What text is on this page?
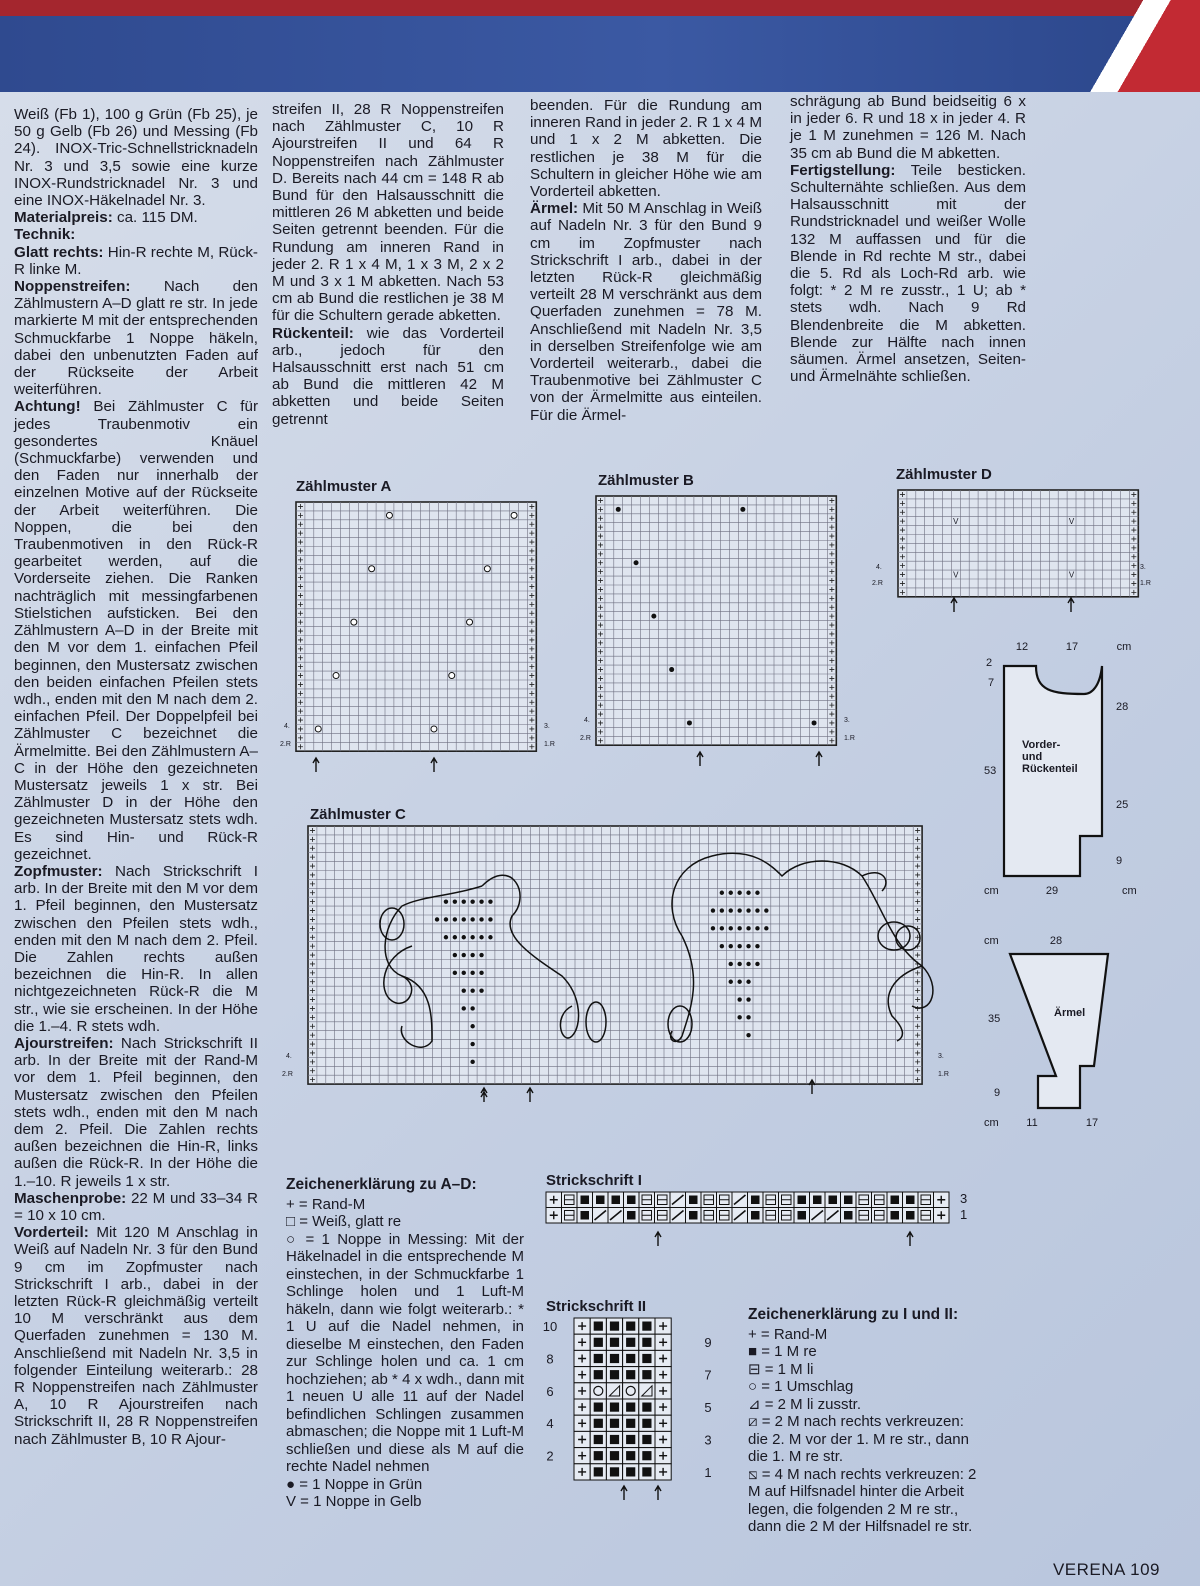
Weiß (Fb 1), 100 g Grün (Fb 25), je 50 g Gelb (Fb 26) und Messing (Fb 24). INOX-Tric-Schnellstricknadeln Nr. 3 und 3,5 sowie eine kurze INOX-Rundstricknadel Nr. 3 und eine INOX-Häkelnadel Nr. 3.

Materialpreis: ca. 115 DM.

Technik:

Glatt rechts: Hin-R rechte M, Rück-R linke M.

Noppenstreifen: Nach den Zählmustern A–D glatt re str. In jede markierte M mit der entsprechenden Schmuckfarbe 1 Noppe häkeln, dabei den unbenutzten Faden auf der Rückseite der Arbeit weiterführen.

Achtung! Bei Zählmuster C für jedes Traubenmotiv ein gesondertes Knäuel (Schmuckfarbe) verwenden und den Faden nur innerhalb der einzelnen Motive auf der Rückseite der Arbeit weiterführen. Die Noppen, die bei den Traubenmotiven in den Rück-R gearbeitet werden, auf die Vorderseite ziehen. Die Ranken nachträglich mit messingfarbenen Stielstichen aufsticken. Bei den Zählmustern A–D in der Breite mit den M vor dem 1. einfachen Pfeil beginnen, den Mustersatz zwischen den beiden einfachen Pfeilen stets wdh., enden mit den M nach dem 2. einfachen Pfeil. Der Doppelpfeil bei Zählmuster C bezeichnet die Ärmelmitte. Bei den Zählmustern A–C in der Höhe den gezeichneten Mustersatz jeweils 1 x str. Bei Zählmuster D in der Höhe den gezeichneten Mustersatz stets wdh. Es sind Hin- und Rück-R gezeichnet.

Zopfmuster: Nach Strickschrift I arb. In der Breite mit den M vor dem 1. Pfeil beginnen, den Mustersatz zwischen den Pfeilen stets wdh., enden mit den M nach dem 2. Pfeil. Die Zahlen rechts außen bezeichnen die Hin-R. In allen nichtgezeichneten Rück-R die M str., wie sie erscheinen. In der Höhe die 1.–4. R stets wdh.

Ajourstreifen: Nach Strickschrift II arb. In der Breite mit der Rand-M vor dem 1. Pfeil beginnen, den Mustersatz zwischen den Pfeilen stets wdh., enden mit den M nach dem 2. Pfeil. Die Zahlen rechts außen bezeichnen die Hin-R, links außen die Rück-R. In der Höhe die 1.–10. R jeweils 1 x str.

Maschenprobe: 22 M und 33–34 R = 10 x 10 cm.

Vorderteil: Mit 120 M Anschlag in Weiß auf Nadeln Nr. 3 für den Bund 9 cm im Zopfmuster nach Strickschrift I arb., dabei in der letzten Rück-R gleichmäßig verteilt 10 M verschränkt aus dem Querfaden zunehmen = 130 M. Anschließend mit Nadeln Nr. 3,5 in folgender Einteilung weiterarb.: 28 R Noppenstreifen nach Zählmuster A, 10 R Ajourstreifen nach Strickschrift II, 28 R Noppenstreifen nach Zählmuster B, 10 R Ajour-

streifen II, 28 R Noppenstreifen nach Zählmuster C, 10 R Ajourstreifen II und 64 R Noppenstreifen nach Zählmuster D. Bereits nach 44 cm = 148 R ab Bund für den Halsausschnitt die mittleren 26 M abketten und beide Seiten getrennt beenden. Für die Rundung am inneren Rand in jeder 2. R 1 x 4 M, 1 x 3 M, 2 x 2 M und 3 x 1 M abketten. Nach 53 cm ab Bund die restlichen je 38 M für die Schultern gerade abketten.

Rückenteil: wie das Vorderteil arb., jedoch für den Halsausschnitt erst nach 51 cm ab Bund die mittleren 42 M abketten und beide Seiten getrennt

beenden. Für die Rundung am inneren Rand in jeder 2. R 1 x 4 M und 1 x 2 M abketten. Die restlichen je 38 M für die Schultern in gleicher Höhe wie am Vorderteil abketten.

Ärmel: Mit 50 M Anschlag in Weiß auf Nadeln Nr. 3 für den Bund 9 cm im Zopfmuster nach Strickschrift I arb., dabei in der letzten Rück-R gleichmäßig verteilt 28 M verschränkt aus dem Querfaden zunehmen = 78 M. Anschließend mit Nadeln Nr. 3,5 in derselben Streifenfolge wie am Vorderteil weiterarb., dabei die Traubenmotive bei Zählmuster C von der Ärmelmitte aus einteilen. Für die Ärmel-

schrägung ab Bund beidseitig 6 x in jeder 6. R und 18 x in jeder 4. R je 1 M zunehmen = 126 M. Nach 35 cm ab Bund die M abketten.

Fertigstellung: Teile besticken. Schulternähte schließen. Aus dem Halsausschnitt mit der Rundstricknadel und weißer Wolle 132 M auffassen und für die Blende in Rd rechte M str., dabei die 5. Rd als Loch-Rd arb. wie folgt: * 2 M re zusstr., 1 U; ab * stets wdh. Nach 9 Rd Blendenbreite die M abketten. Blende zur Hälfte nach innen säumen. Ärmel ansetzen, Seiten- und Ärmelnähte schließen.

Zählmuster A	Zählmuster B	Zählmuster D
Zählmuster C
4.
2.R
3.
1.R
4.
2.R
3.
1.R
V	V
V	V
4.
2.R
3.
1.R
4.
2.R
3.
1.R
Vorder-
und
Rückenteil
12	17	cm
2
7
53
28
25
9
cm	29	cm
Ärmel
cm	28
35
9
cm	11	17
Zeichenerklärung zu A–D:
+ = Rand-M
□ = Weiß, glatt re
○ = 1 Noppe in Messing: Mit der Häkelnadel in die entsprechende M einstechen, in der Schmuckfarbe 1 Schlinge holen und 1 Luft-M häkeln, dann wie folgt weiterarb.: * 1 U auf die Nadel nehmen, in dieselbe M einstechen, den Faden zur Schlinge holen und ca. 1 cm hochziehen; ab * 4 x wdh., dann mit 1 neuen U alle 11 auf der Nadel befindlichen Schlingen zusammen abmaschen; die Noppe mit 1 Luft-M schließen und diese als M auf die rechte Nadel nehmen
● = 1 Noppe in Grün
V = 1 Noppe in Gelb
Strickschrift I
3
1
Strickschrift II
10
8
6
4
2
9
7
5
3
1
Zeichenerklärung zu I und II:
+ = Rand-M
■ = 1 M re
⊟ = 1 M li
○ = 1 Umschlag
⊿ = 2 M li zusstr.
⧄ = 2 M nach rechts verkreuzen: die 2. M vor der 1. M re str., dann die 1. M re str.
⧅ = 4 M nach rechts verkreuzen: 2 M auf Hilfsnadel hinter die Arbeit legen, die folgenden 2 M re str., dann die 2 M der Hilfsnadel re str.
VERENA 109
